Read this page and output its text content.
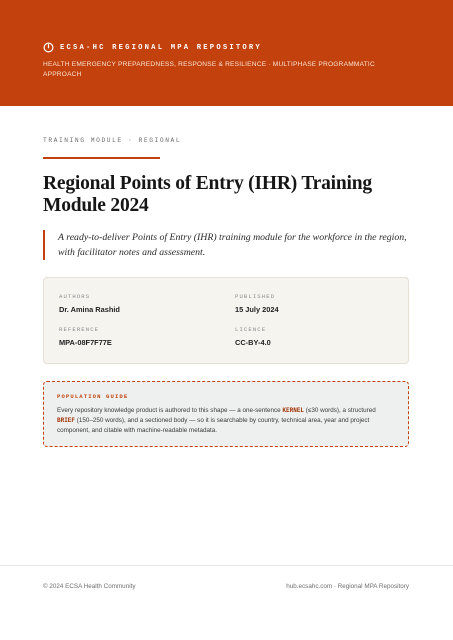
ECSA-HC REGIONAL MPA REPOSITORY
HEALTH EMERGENCY PREPAREDNESS, RESPONSE & RESILIENCE · MULTIPHASE PROGRAMMATIC APPROACH
TRAINING MODULE · REGIONAL
Regional Points of Entry (IHR) Training Module 2024

A ready-to-deliver Points of Entry (IHR) training module for the workforce in the region, with facilitator notes and assessment.

AUTHORS
Dr. Amina Rashid
PUBLISHED
15 July 2024
REFERENCE
MPA-08F7F77E
LICENCE
CC-BY-4.0
POPULATION GUIDE
Every repository knowledge product is authored to this shape — a one-sentence KERNEL (≤30 words), a structured BRIEF (150–250 words), and a sectioned body — so it is searchable by country, technical area, year and project component, and citable with machine-readable metadata.
© 2024 ECSA Health Community	hub.ecsahc.com · Regional MPA Repository
